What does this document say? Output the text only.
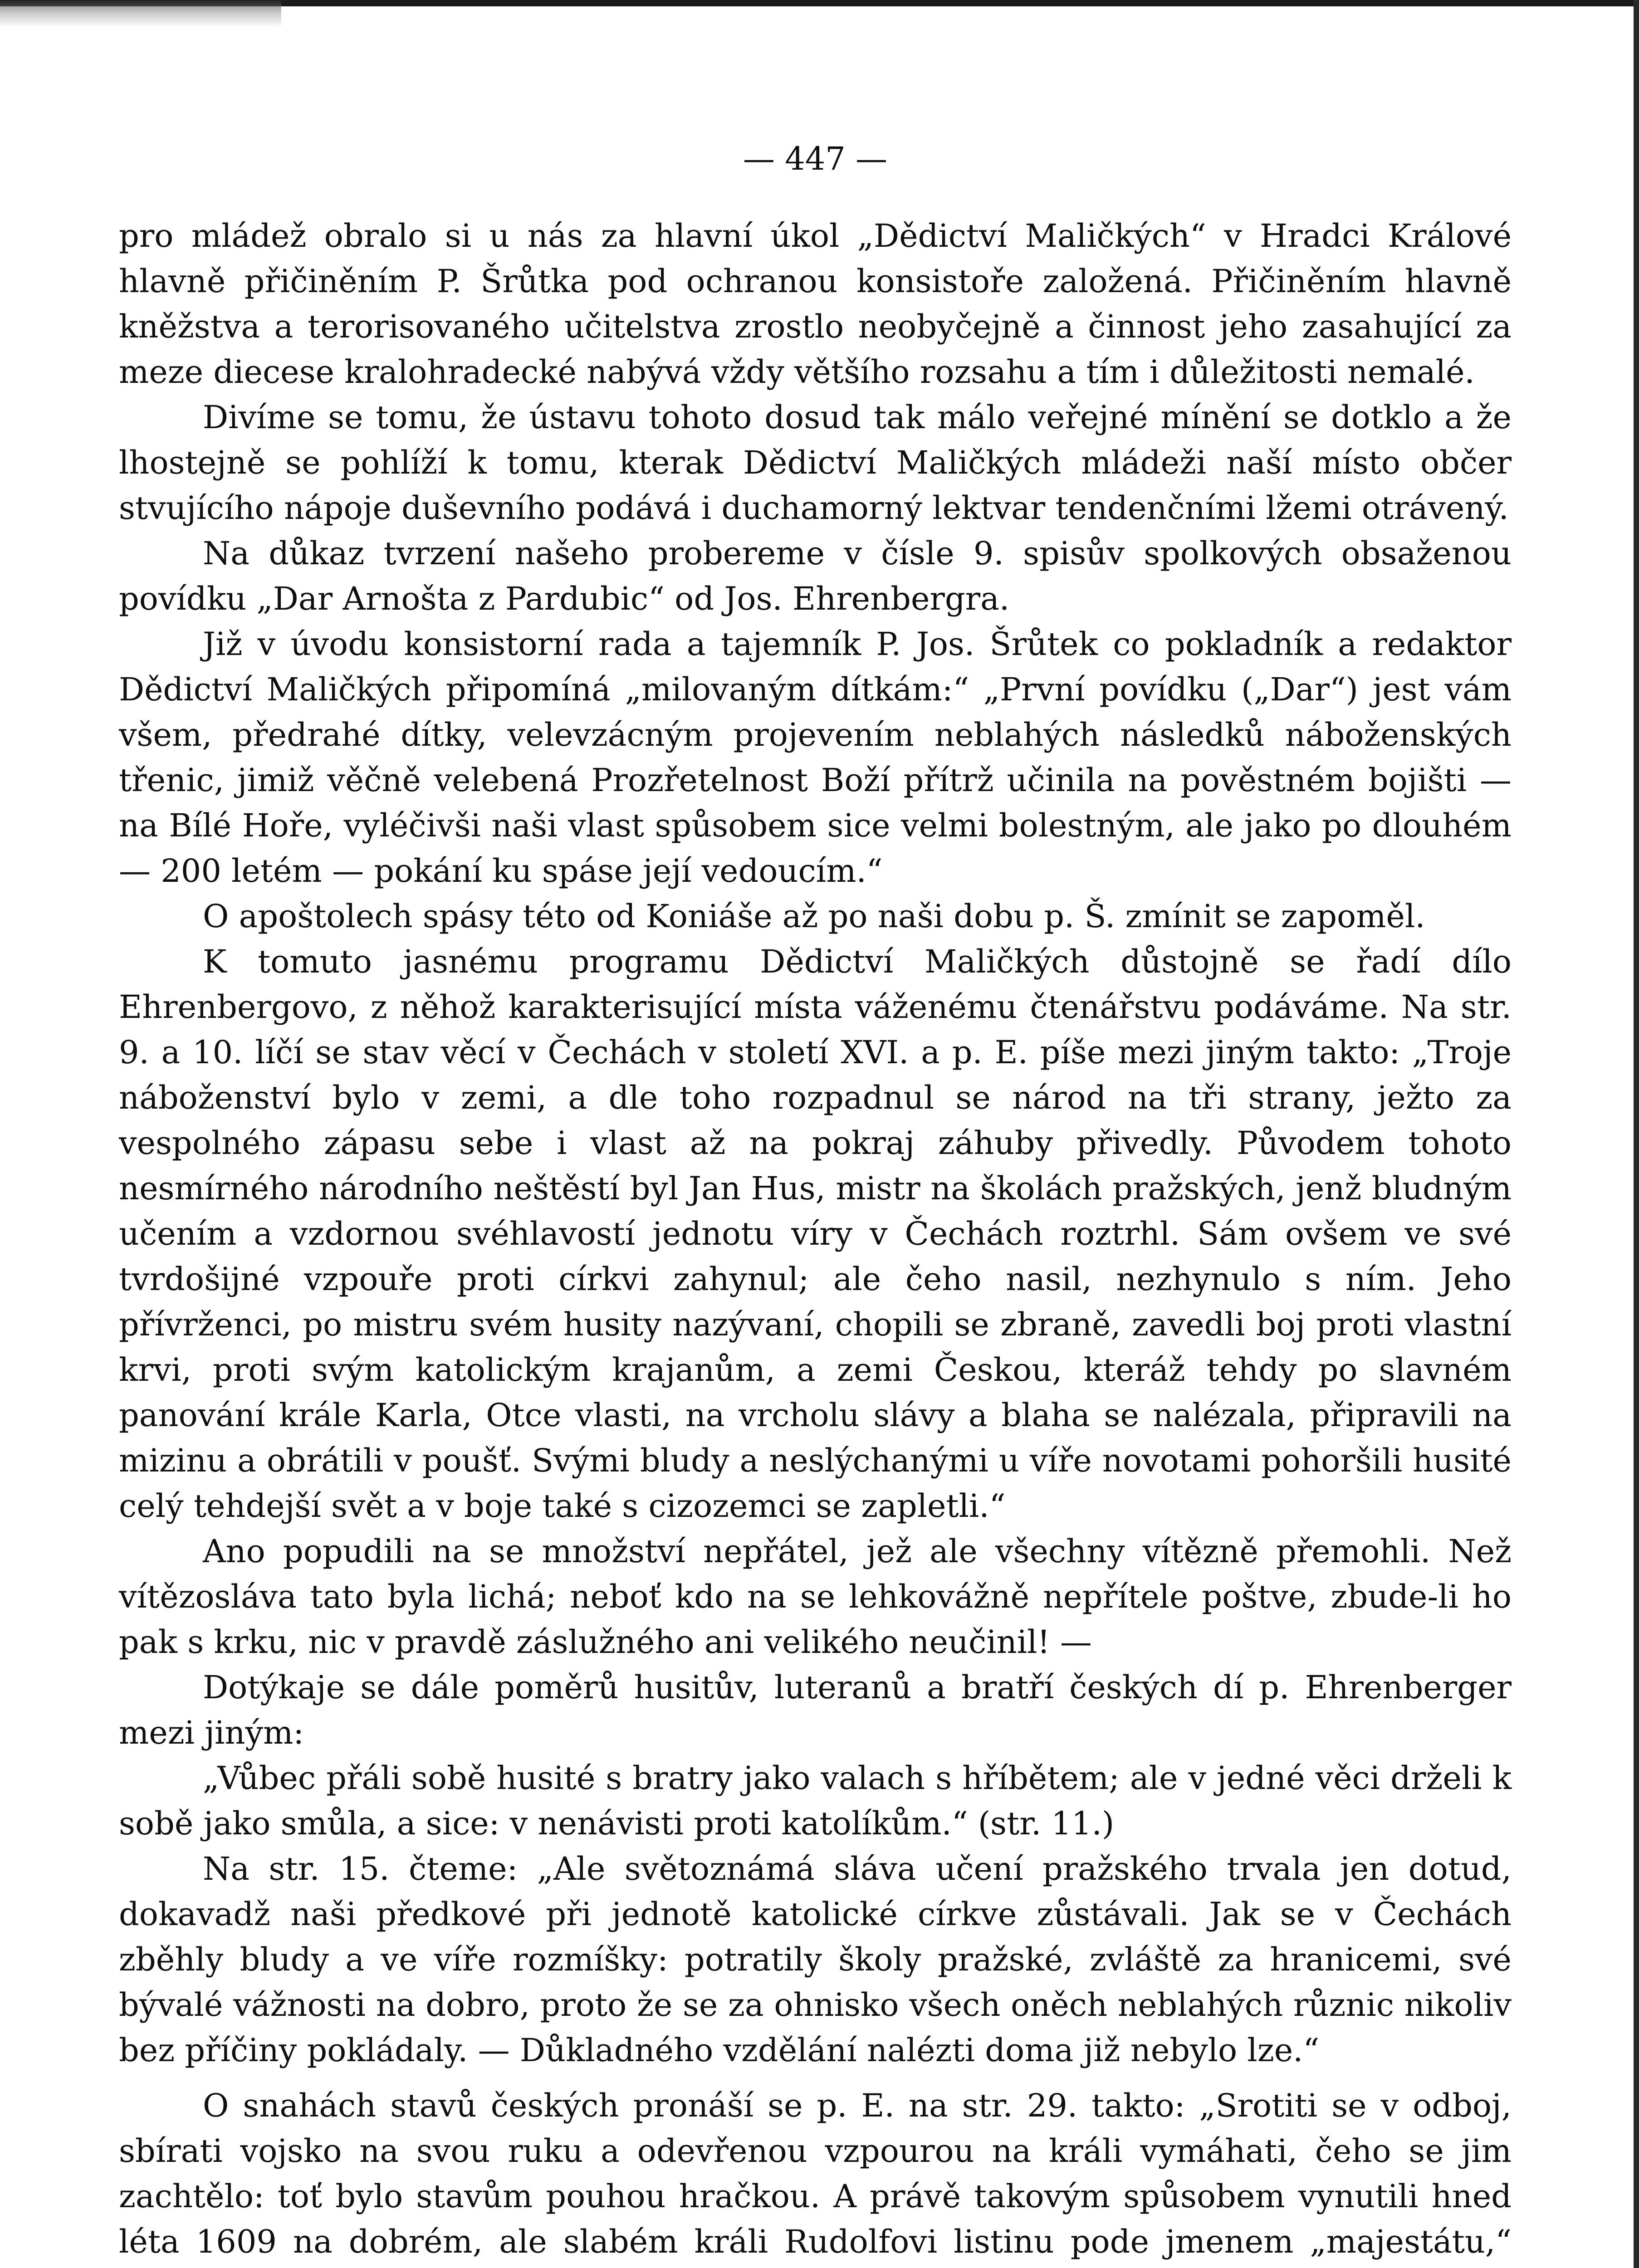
— 447 —

pro mládež obralo si u nás za hlavní úkol „Dědictví Maličkých“ v Hradci Králové hlavně přičiněním P. Šrůtka pod ochranou konsistoře založená. Přičiněním hlavně kněžstva a terorisovaného učitelstva zrostlo neobyčejně a činnost jeho zasahující za meze diecese kralohradecké nabývá vždy většího rozsahu a tím i důležitosti nemalé.

Divíme se tomu, že ústavu tohoto dosud tak málo veřejné mínění se dotklo a že lhostejně se pohlíží k tomu, kterak Dědictví Maličkých mládeži naší místo občer stvujícího nápoje duševního podává i duchamorný lektvar tendenčními lžemi otrávený.

Na důkaz tvrzení našeho probereme v čísle 9. spisův spolkových obsaženou povídku „Dar Arnošta z Pardubic“ od Jos. Ehrenbergra.

Již v úvodu konsistorní rada a tajemník P. Jos. Šrůtek co pokladník a redaktor Dědictví Maličkých připomíná „milovaným dítkám:“ „První povídku („Dar“) jest vám všem, předrahé dítky, velevzácným projevením neblahých následků náboženských třenic, jimiž věčně velebená Prozřetelnost Boží přítrž učinila na pověstném bojišti — na Bílé Hoře, vyléčivši naši vlast spůsobem sice velmi bolestným, ale jako po dlouhém — 200 letém — pokání ku spáse její vedoucím.“

O apoštolech spásy této od Koniáše až po naši dobu p. Š. zmínit se zapoměl.

K tomuto jasnému programu Dědictví Maličkých důstojně se řadí dílo Ehrenbergovo, z něhož karakterisující místa váženému čtenářstvu podáváme. Na str. 9. a 10. líčí se stav věcí v Čechách v století XVI. a p. E. píše mezi jiným takto: „Troje náboženství bylo v zemi, a dle toho rozpadnul se národ na tři strany, ježto za vespolného zápasu sebe i vlast až na pokraj záhuby přivedly. Původem tohoto nesmírného národního neštěstí byl Jan Hus, mistr na školách pražských, jenž bludným učením a vzdornou svéhlavostí jednotu víry v Čechách roztrhl. Sám ovšem ve své tvrdošijné vzpouře proti církvi zahynul; ale čeho nasil, nezhynulo s ním. Jeho přívrženci, po mistru svém husity nazývaní, chopili se zbraně, zavedli boj proti vlastní krvi, proti svým katolickým krajanům, a zemi Českou, kteráž tehdy po slavném panování krále Karla, Otce vlasti, na vrcholu slávy a blaha se nalézala, připravili na mizinu a obrátili v poušť. Svými bludy a neslýchanými u víře novotami pohoršili husité celý tehdejší svět a v boje také s cizozemci se zapletli.“

Ano popudili na se množství nepřátel, jež ale všechny vítězně přemohli. Než vítězoslávа tato byla lichá; neboť kdo na se lehkovážně nepřítele poštve, zbude-li ho pak s krku, nic v pravdě záslužného ani velikého neučinil! —

Dotýkaje se dále poměrů husitův, luteranů a bratří českých dí p. Ehrenberger mezi jiným:

„Vůbec přáli sobě husité s bratry jako valach s hříbětem; ale v jedné věci drželi k sobě jako smůla, a sice: v nenávisti proti katolíkům.“ (str. 11.)

Na str. 15. čteme: „Ale světoznámá sláva učení pražského trvala jen dotud, dokavadž naši předkové při jednotě katolické církve zůstávali. Jak se v Čechách zběhly bludy a ve víře rozmíšky: potratily školy pražské, zvláště za hranicemi, své bývalé vážnosti na dobro, proto že se za ohnisko všech oněch neblahých různic nikoliv bez příčiny pokládaly. — Důkladného vzdělání nalézti doma již nebylo lze.“

O snahách stavů českých pronáší se p. E. na str. 29. takto: „Srotiti se v odboj, sbírati vojsko na svou ruku a odevřenou vzpourou na králi vymáhati, čeho se jim zachtělo: toť bylo stavům pouhou hračkou. A právě takovým spůsobem vynutili hned léta 1609 na dobrém, ale slabém králi Rudolfovi listinu pode jmenem „majestátu,“
